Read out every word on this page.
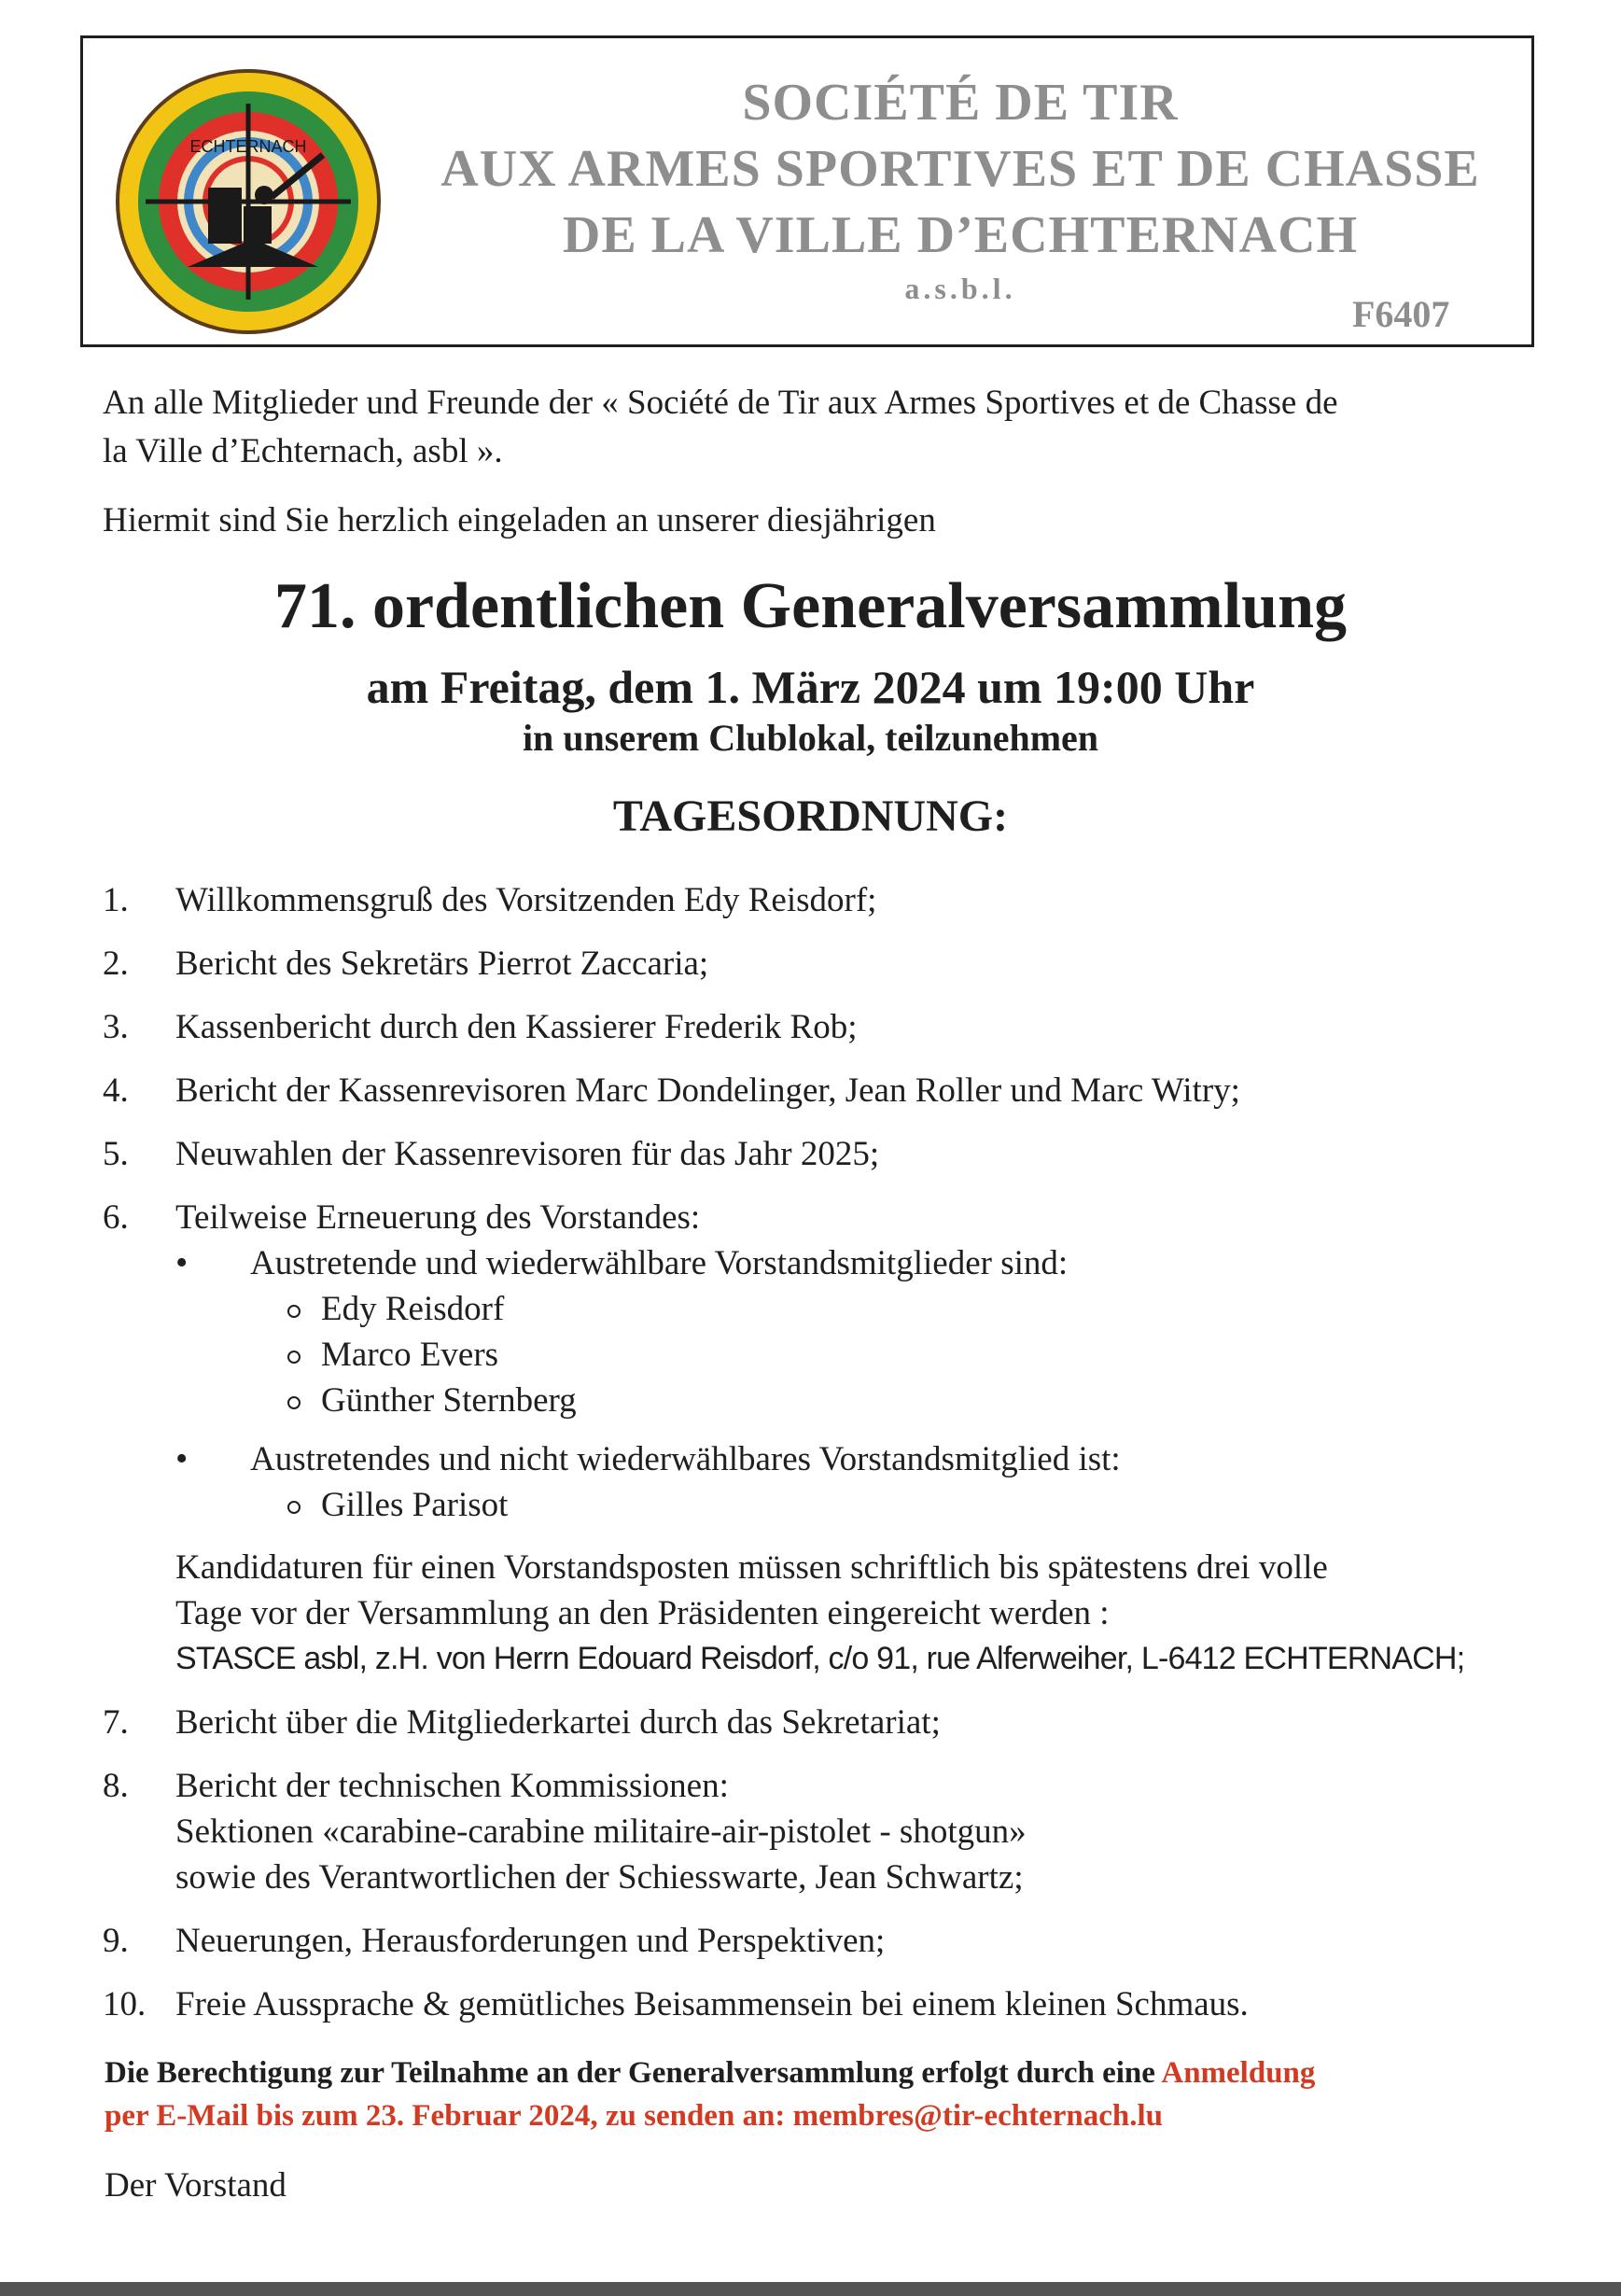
ECHTERNACH
SOCIÉTÉ DE TIR
AUX ARMES SPORTIVES ET DE CHASSE
DE LA VILLE D’ECHTERNACH
a.s.b.l.
F6407

An alle Mitglieder und Freunde der « Société de Tir aux Armes Sportives et de Chasse de
la Ville d’Echternach, asbl ».

Hiermit sind Sie herzlich eingeladen an unserer diesjährigen

71. ordentlichen Generalversammlung
am Freitag, dem 1. März 2024 um 19:00 Uhr
in unserem Clublokal, teilzunehmen
TAGESORDNUNG:
1. Willkommensgruß des Vorsitzenden Edy Reisdorf;
2. Bericht des Sekretärs Pierrot Zaccaria;
3. Kassenbericht durch den Kassierer Frederik Rob;
4. Bericht der Kassenrevisoren Marc Dondelinger, Jean Roller und Marc Witry;
5. Neuwahlen der Kassenrevisoren für das Jahr 2025;
6. Teilweise Erneuerung des Vorstandes:
• Austretende und wiederwählbare Vorstandsmitglieder sind:
Edy Reisdorf
Marco Evers
Günther Sternberg
• Austretendes und nicht wiederwählbares Vorstandsmitglied ist:
Gilles Parisot
Kandidaturen für einen Vorstandsposten müssen schriftlich bis spätestens drei volle
Tage vor der Versammlung an den Präsidenten eingereicht werden :
STASCE asbl, z.H. von Herrn Edouard Reisdorf, c/o 91, rue Alferweiher, L-6412 ECHTERNACH;
7. Bericht über die Mitgliederkartei durch das Sekretariat;
8. Bericht der technischen Kommissionen:
Sektionen «carabine-carabine militaire-air-pistolet - shotgun»
sowie des Verantwortlichen der Schiesswarte, Jean Schwartz;
9. Neuerungen, Herausforderungen und Perspektiven;
10. Freie Aussprache & gemütliches Beisammensein bei einem kleinen Schmaus.

Die Berechtigung zur Teilnahme an der Generalversammlung erfolgt durch eine Anmeldung
per E-Mail bis zum 23. Februar 2024, zu senden an: membres@tir-echternach.lu

Der Vorstand
